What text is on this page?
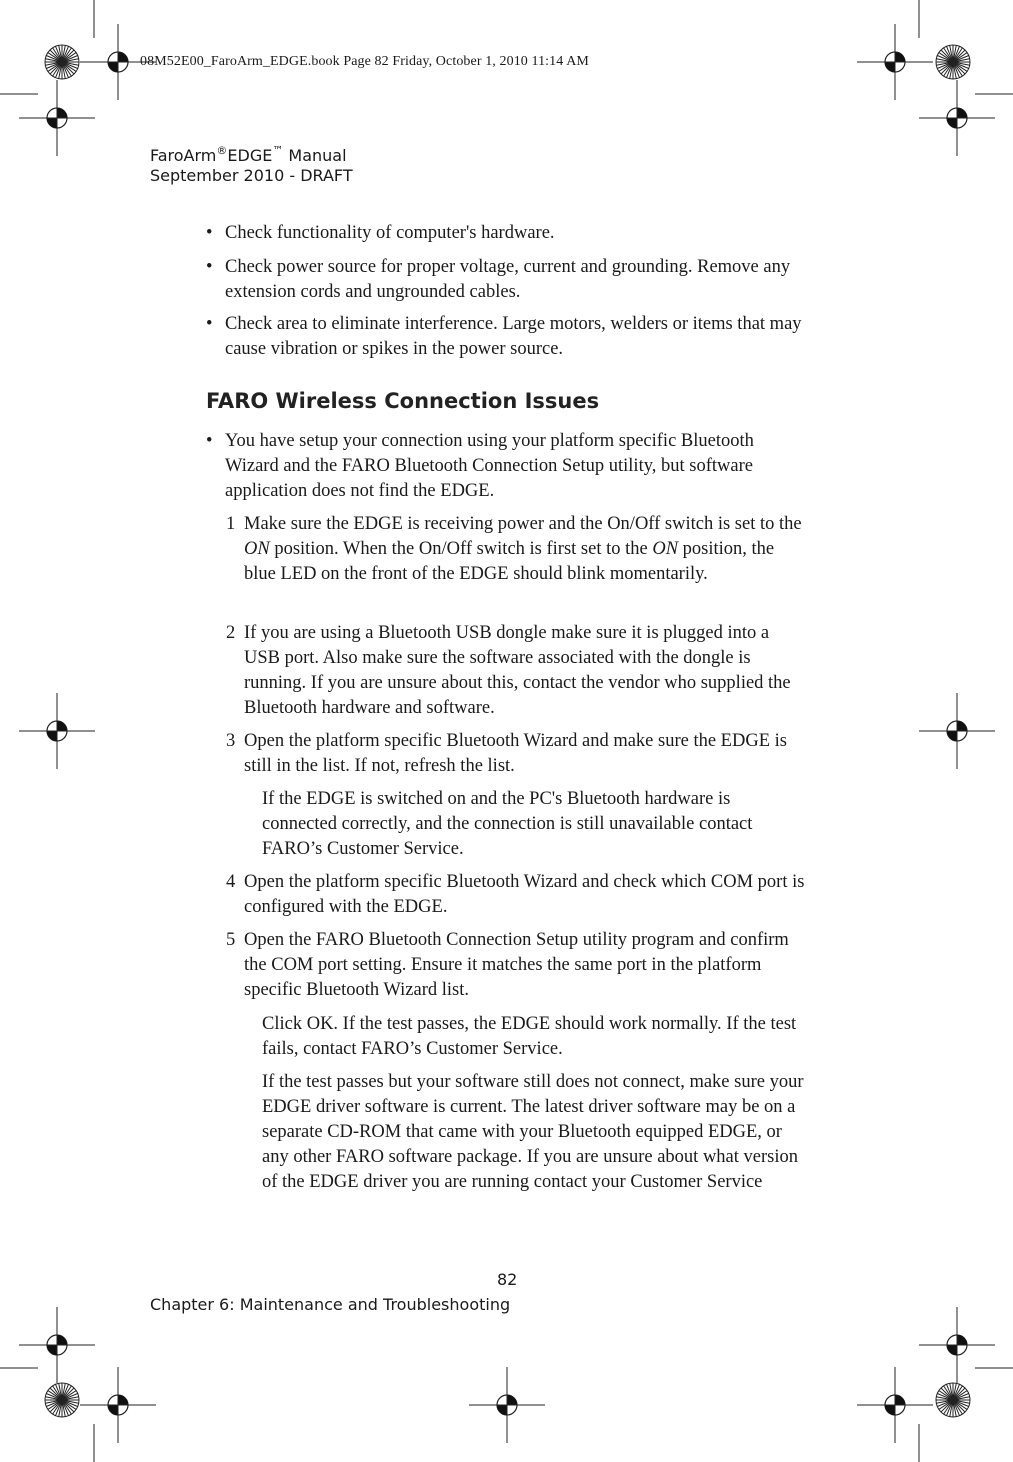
08M52E00_FaroArm_EDGE.book Page 82 Friday, October 1, 2010 11:14 AM
FaroArm®EDGE™ Manual
September 2010 - DRAFT
• Check functionality of computer's hardware.
• Check power source for proper voltage, current and grounding. Remove any extension cords and ungrounded cables.
• Check area to eliminate interference. Large motors, welders or items that may cause vibration or spikes in the power source.
FARO Wireless Connection Issues
• You have setup your connection using your platform specific Bluetooth Wizard and the FARO Bluetooth Connection Setup utility, but software application does not find the EDGE.
1 Make sure the EDGE is receiving power and the On/Off switch is set to the ON position. When the On/Off switch is first set to the ON position, the blue LED on the front of the EDGE should blink momentarily.
2 If you are using a Bluetooth USB dongle make sure it is plugged into a USB port. Also make sure the software associated with the dongle is running. If you are unsure about this, contact the vendor who supplied the Bluetooth hardware and software.
3 Open the platform specific Bluetooth Wizard and make sure the EDGE is still in the list. If not, refresh the list.
If the EDGE is switched on and the PC's Bluetooth hardware is connected correctly, and the connection is still unavailable contact FARO’s Customer Service.
4 Open the platform specific Bluetooth Wizard and check which COM port is configured with the EDGE.
5 Open the FARO Bluetooth Connection Setup utility program and confirm the COM port setting. Ensure it matches the same port in the platform specific Bluetooth Wizard list.
Click OK. If the test passes, the EDGE should work normally. If the test fails, contact FARO’s Customer Service.
If the test passes but your software still does not connect, make sure your EDGE driver software is current. The latest driver software may be on a separate CD-ROM that came with your Bluetooth equipped EDGE, or any other FARO software package. If you are unsure about what version of the EDGE driver you are running contact your Customer Service
82
Chapter 6: Maintenance and Troubleshooting
